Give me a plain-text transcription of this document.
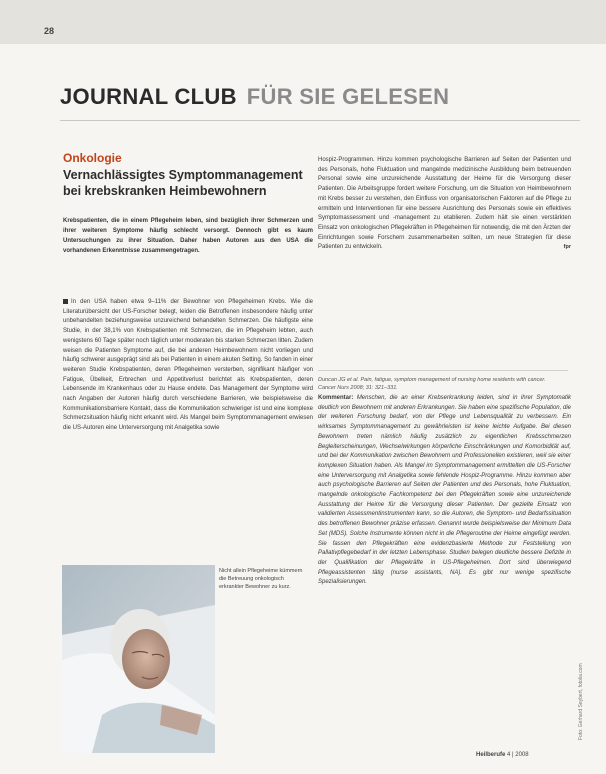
28
JOURNAL CLUB FÜR SIE GELESEN
Onkologie
Vernachlässigtes Symptommanagement bei krebskranken Heimbewohnern
Krebspatienten, die in einem Pflegeheim leben, sind bezüglich ihrer Schmerzen und ihrer weiteren Symptome häufig schlecht versorgt. Dennoch gibt es kaum Untersuchungen zu ihrer Situation. Daher haben Autoren aus den USA die vorhandenen Erkenntnisse zusammengetragen.
In den USA haben etwa 9–11% der Bewohner von Pflegeheimen Krebs. Wie die Literaturübersicht der US-Forscher belegt, leiden die Betroffenen insbesondere häufig unter unbehandelten beziehungsweise unzureichend behandelten Schmerzen. Die häufigste eine Studie, in der 38,1% von Krebspatienten mit Schmerzen, die im Pflegeheim lebten, auch wenigstens 60 Tage später noch täglich unter moderaten bis starken Schmerzen litten. Zudem weisen die Patienten Symptome auf, die bei anderen Heimbewohnern nicht vorliegen und häufig schwerer ausgeprägt sind als bei Patienten in einem akuten Setting. So fanden in einer weiteren Studie Krebspatienten, deren Pflegeheimen versterben, signifikant häufiger von Fatigue, Übelkeit, Erbrechen und Appetitverlust berichtet als Krebspatienten, deren Lebensende im Krankenhaus oder zu Hause endete. Das Management der Symptome wird nach Angaben der Autoren häufig durch verschiedene Barrieren, wie beispielsweise die Kommunikationsbarriere Kontakt, dass die Kommunikation schwieriger ist und eine komplexe Schmerzsituation häufig nicht erkannt wird. Als Mangel beim Symptommanagement erwiesen die US-Autoren eine Unterversorgung mit Analgetika sowie
Hospiz-Programmen. Hinzu kommen psychologische Barrieren auf Seiten der Patienten und des Personals, hohe Fluktuation und mangelnde medizinische Ausbildung beim betreuenden Personal sowie eine unzureichende Ausstattung der Heime für die Versorgung dieser Patienten. Die Arbeitsgruppe fordert weitere Forschung, um die Situation von Heimbewohnern mit Krebs besser zu verstehen, den Einfluss von organisatorischen Faktoren auf die Pflege zu ermitteln und Interventionen für eine bessere Ausrichtung des Personals sowie ein effektives Symptomassessment und -management zu etablieren. Zudem hält sie einen verstärkten Einsatz von onkologischen Pflegekräften in Pflegeheimen für notwendig, die mit den Ärzten der Einrichtungen sowie Forschern zusammenarbeiten sollten, um neue Strategien für diese Patienten zu entwickeln.	fpr
Duncan JG et al. Pain, fatigue, symptom management of nursing home residents with cancer. Cancer Nurs 2008; 31: 321–331.
Kommentar: Menschen, die an einer Krebserkrankung leiden, sind in ihrer Symptomatik deutlich von Bewohnern mit anderen Erkrankungen. Sie haben eine spezifische Population, die der weiteren Forschung bedarf, von der Pflege und Lebensqualität zu verbessern. Ein wirksames Symptommanagement zu gewährleisten ist keine leichte Aufgabe. Bei diesen Bewohnern treten nämlich häufig zusätzlich zu eigentlichen Krebsschmerzen Begleiterscheinungen, Wechselwirkungen körperliche Einschränkungen und Komorbidität auf, und bei der Kommunikation zwischen Bewohnern und Professionellen existieren, weil sie einer komplexen Situation haben. Als Mangel im Symptommanagement ermittelten die US-Forscher eine Unterversorgung mit Analgetika sowie fehlende Hospiz-Programme. Hinzu kommen aber auch psychologische Barrieren auf Seiten der Patienten und des Personals, hohe Fluktuation, mangelnde onkologische Fachkompetenz bei den Pflegekräften sowie eine unzureichende Ausstattung der Heime für die Versorgung dieser Patienten. Der gezielte Einsatz von validierten Assessmentinstrumenten kann, so die Autoren, die Symptom- und Bedarfssituation des betroffenen Bewohner präzise erfassen. Genannt wurde beispielsweise der Minimum Data Set (MDS). Solche Instrumente können nicht in die Pflegeroutine der Heime eingefügt werden. Sie fassen den Pflegekräften eine evidenzbasierte Methode zur Feststellung von Pallativpflegebedarf in der letzten Lebensphase. Studien belegen deutliche bessere Defizite in der Qualifikation der Pflegekräfte in US-Pflegeheimen. Dort sind überwiegend Pflegeassistenten tätig (nurse assistants, NA). Es gibt nur wenige spezifische Spezialisierungen.
Nicht allein Pflegeheime kümmern die Betreuung onkologisch erkrankter Bewohner zu kurz.
Foto: Gerhard Seybert, fotolia.com
Heilberufe 4 | 2008
